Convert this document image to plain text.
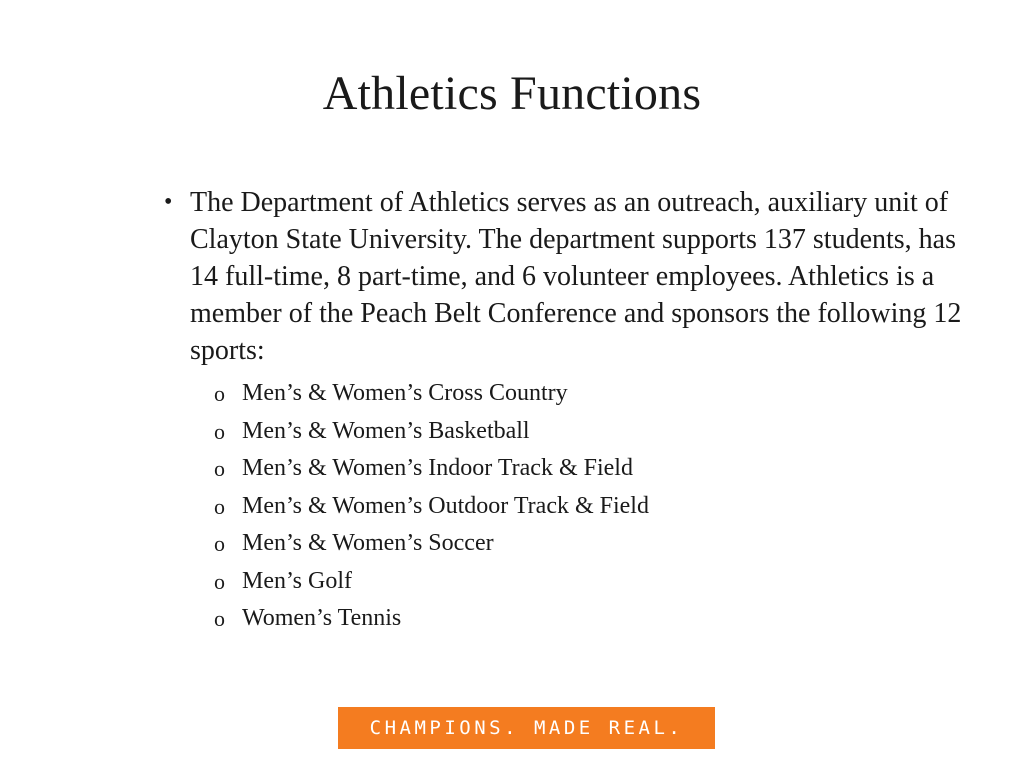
Athletics Functions

• The Department of Athletics serves as an outreach, auxiliary unit of Clayton State University. The department supports 137 students, has 14 full-time, 8 part-time, and 6 volunteer employees. Athletics is a member of the Peach Belt Conference and sponsors the following 12 sports:

o Men’s & Women’s Cross Country
o Men’s & Women’s Basketball
o Men’s & Women’s Indoor Track & Field
o Men’s & Women’s Outdoor Track & Field
o Men’s & Women’s Soccer
o Men’s Golf
o Women’s Tennis
CHAMPIONS. MADE REAL.
